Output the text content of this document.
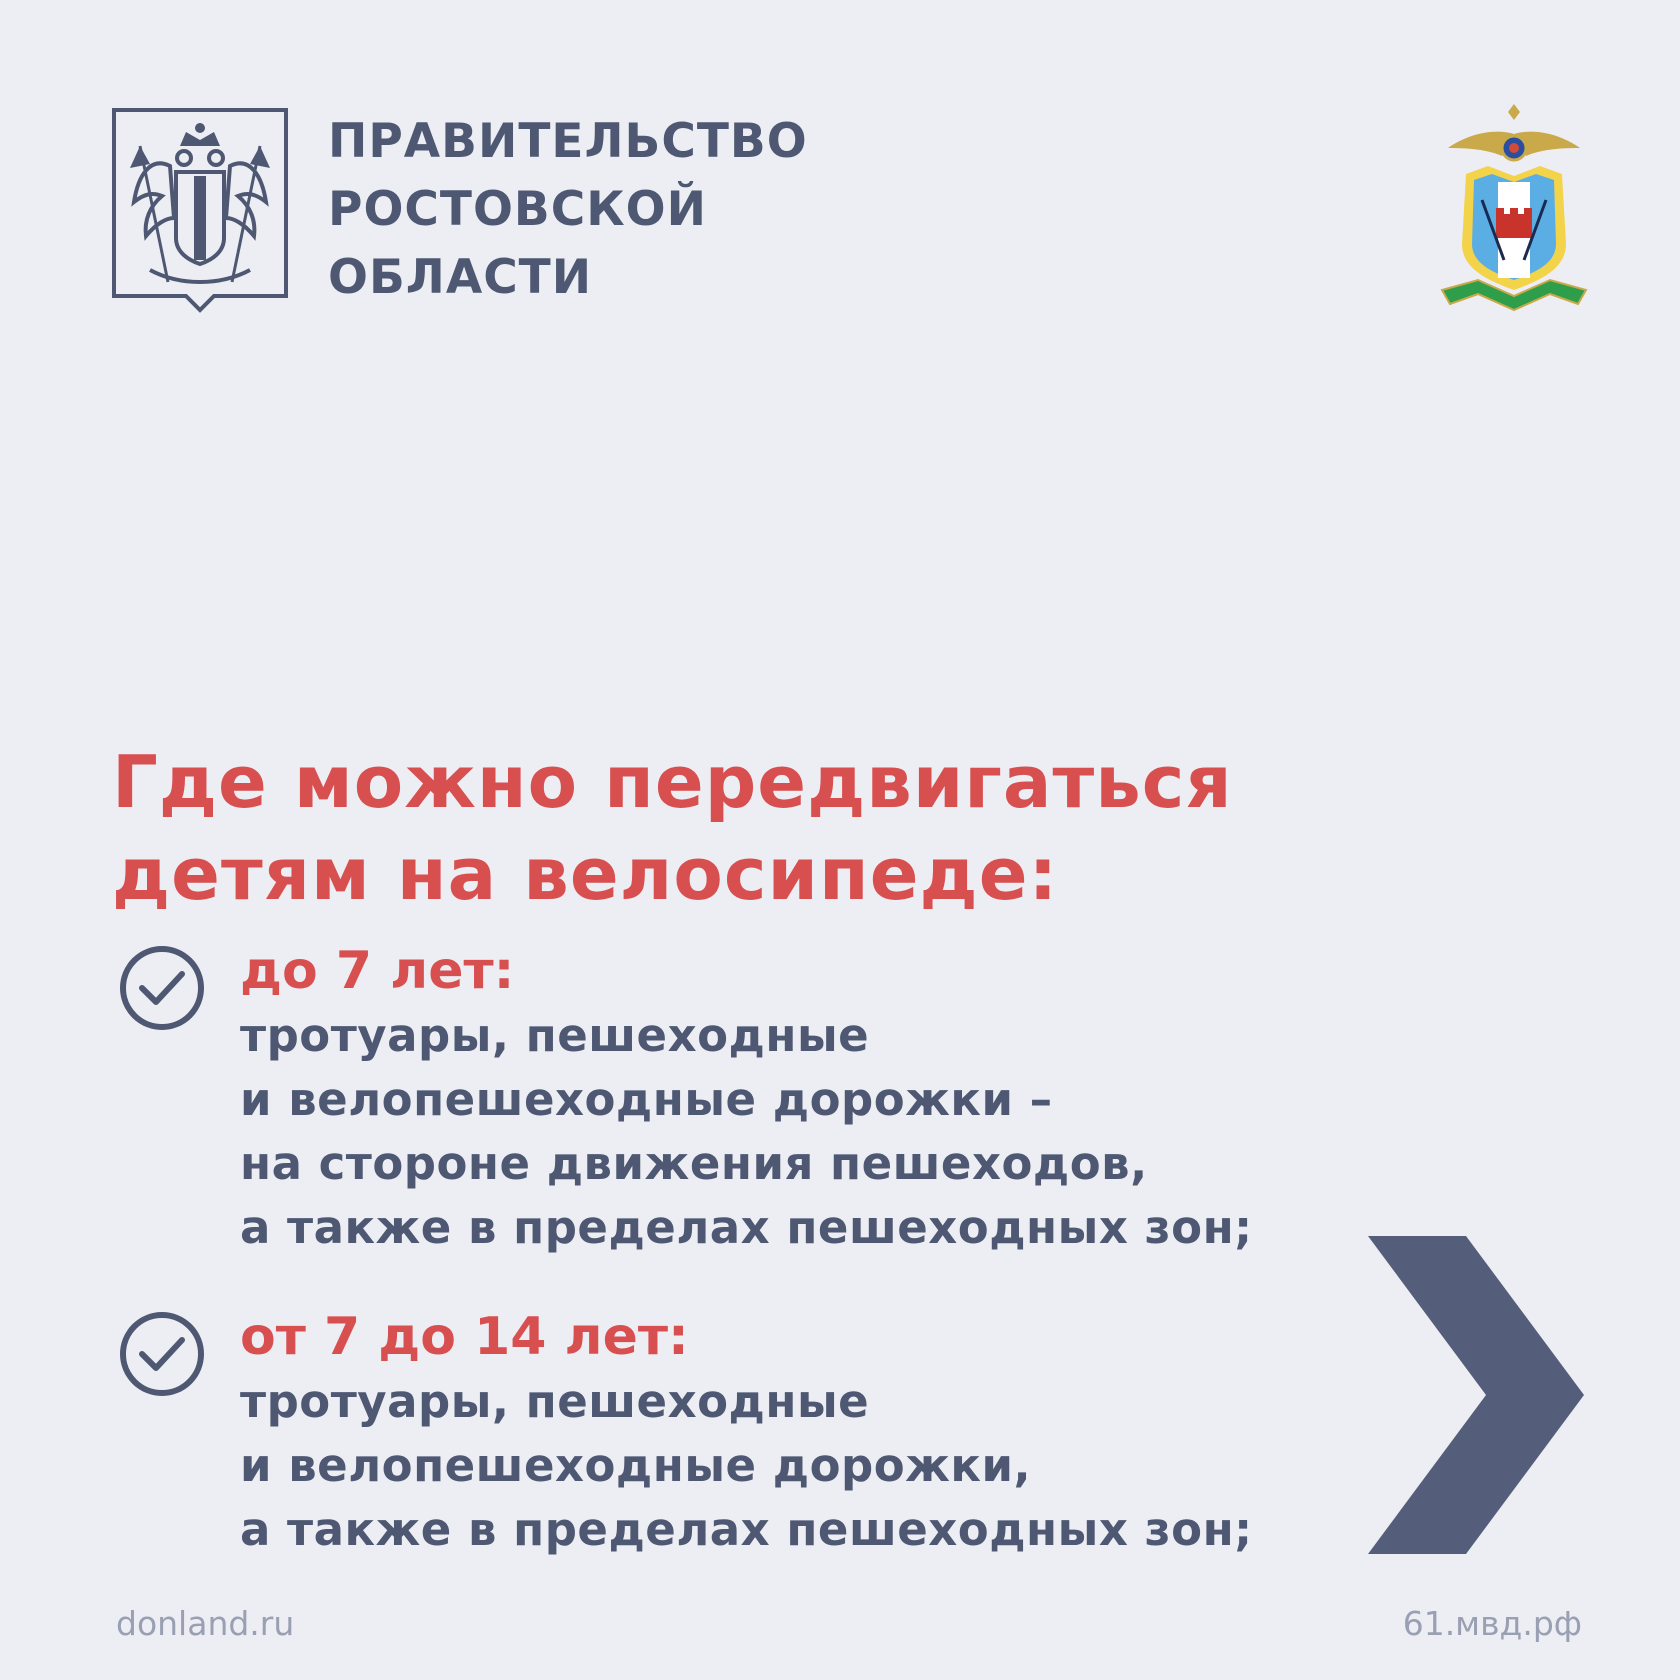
ПРАВИТЕЛЬСТВО
РОСТОВСКОЙ
ОБЛАСТИ
Где можно передвигаться
детям на велосипеде:
до 7 лет:
тротуары, пешеходные
и велопешеходные дорожки –
на стороне движения пешеходов,
а также в пределах пешеходных зон;
от 7 до 14 лет:
тротуары, пешеходные
и велопешеходные дорожки,
а также в пределах пешеходных зон;
donland.ru	61.мвд.рф
